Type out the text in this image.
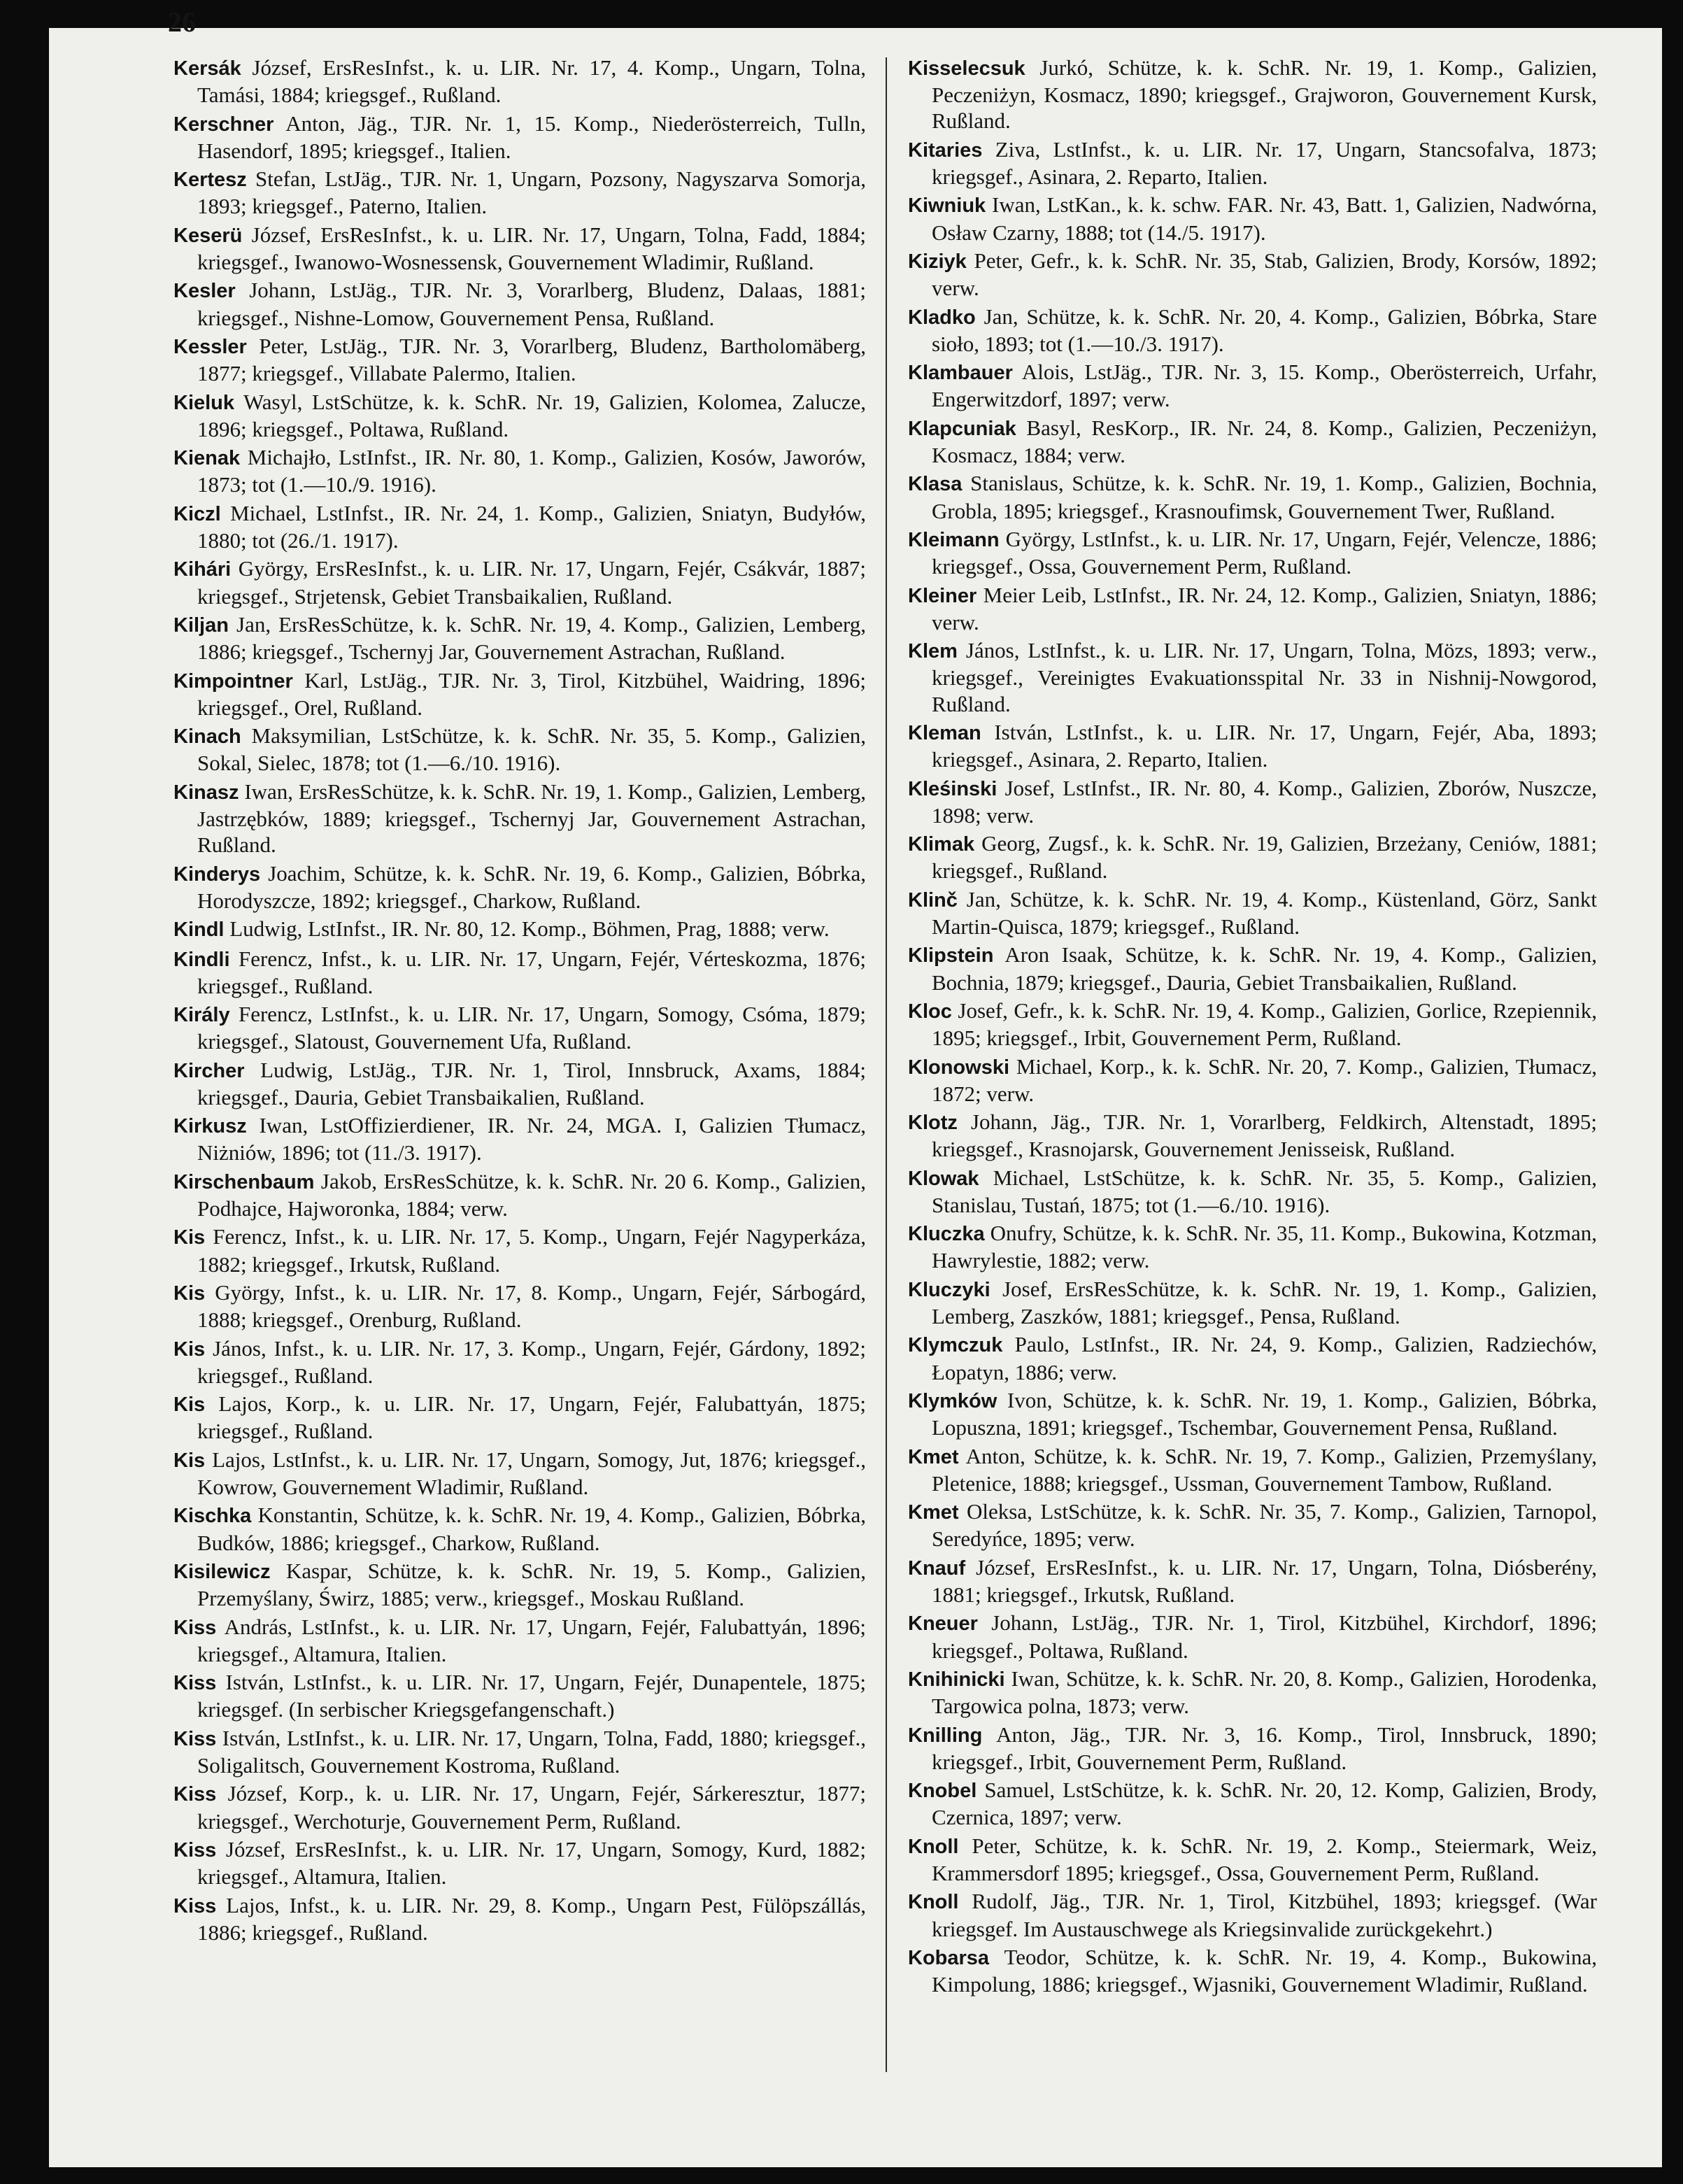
26

Kersák József, ErsResInfst., k. u. LIR. Nr. 17, 4. Komp., Ungarn, Tolna, Tamási, 1884; kriegsgef., Rußland.

Kerschner Anton, Jäg., TJR. Nr. 1, 15. Komp., Niederösterreich, Tulln, Hasendorf, 1895; kriegsgef., Italien.

Kertesz Stefan, LstJäg., TJR. Nr. 1, Ungarn, Pozsony, Nagyszarva Somorja, 1893; kriegsgef., Paterno, Italien.

Keserü József, ErsResInfst., k. u. LIR. Nr. 17, Ungarn, Tolna, Fadd, 1884; kriegsgef., Iwanowo-Wosnessensk, Gouvernement Wladimir, Rußland.

Kesler Johann, LstJäg., TJR. Nr. 3, Vorarlberg, Bludenz, Dalaas, 1881; kriegsgef., Nishne-Lomow, Gouvernement Pensa, Rußland.

Kessler Peter, LstJäg., TJR. Nr. 3, Vorarlberg, Bludenz, Bartholomäberg, 1877; kriegsgef., Villabate Palermo, Italien.

Kieluk Wasyl, LstSchütze, k. k. SchR. Nr. 19, Galizien, Kolomea, Zalucze, 1896; kriegsgef., Poltawa, Rußland.

Kienak Michajło, LstInfst., IR. Nr. 80, 1. Komp., Galizien, Kosów, Jaworów, 1873; tot (1.—10./9. 1916).

Kiczl Michael, LstInfst., IR. Nr. 24, 1. Komp., Galizien, Sniatyn, Budyłów, 1880; tot (26./1. 1917).

Kihári György, ErsResInfst., k. u. LIR. Nr. 17, Ungarn, Fejér, Csákvár, 1887; kriegsgef., Strjetensk, Gebiet Transbaikalien, Rußland.

Kiljan Jan, ErsResSchütze, k. k. SchR. Nr. 19, 4. Komp., Galizien, Lemberg, 1886; kriegsgef., Tschernyj Jar, Gouvernement Astrachan, Rußland.

Kimpointner Karl, LstJäg., TJR. Nr. 3, Tirol, Kitzbühel, Waidring, 1896; kriegsgef., Orel, Rußland.

Kinach Maksymilian, LstSchütze, k. k. SchR. Nr. 35, 5. Komp., Galizien, Sokal, Sielec, 1878; tot (1.—6./10. 1916).

Kinasz Iwan, ErsResSchütze, k. k. SchR. Nr. 19, 1. Komp., Galizien, Lemberg, Jastrzębków, 1889; kriegsgef., Tschernyj Jar, Gouvernement Astrachan, Rußland.

Kinderys Joachim, Schütze, k. k. SchR. Nr. 19, 6. Komp., Galizien, Bóbrka, Horodyszcze, 1892; kriegsgef., Charkow, Rußland.

Kindl Ludwig, LstInfst., IR. Nr. 80, 12. Komp., Böhmen, Prag, 1888; verw.

Kindli Ferencz, Infst., k. u. LIR. Nr. 17, Ungarn, Fejér, Vérteskozma, 1876; kriegsgef., Rußland.

Király Ferencz, LstInfst., k. u. LIR. Nr. 17, Ungarn, Somogy, Csóma, 1879; kriegsgef., Slatoust, Gouvernement Ufa, Rußland.

Kircher Ludwig, LstJäg., TJR. Nr. 1, Tirol, Innsbruck, Axams, 1884; kriegsgef., Dauria, Gebiet Transbaikalien, Rußland.

Kirkusz Iwan, LstOffizierdiener, IR. Nr. 24, MGA. I, Galizien Tłumacz, Niżniów, 1896; tot (11./3. 1917).

Kirschenbaum Jakob, ErsResSchütze, k. k. SchR. Nr. 20 6. Komp., Galizien, Podhajce, Hajworonka, 1884; verw.

Kis Ferencz, Infst., k. u. LIR. Nr. 17, 5. Komp., Ungarn, Fejér Nagyperkáza, 1882; kriegsgef., Irkutsk, Rußland.

Kis György, Infst., k. u. LIR. Nr. 17, 8. Komp., Ungarn, Fejér, Sárbogárd, 1888; kriegsgef., Orenburg, Rußland.

Kis János, Infst., k. u. LIR. Nr. 17, 3. Komp., Ungarn, Fejér, Gárdony, 1892; kriegsgef., Rußland.

Kis Lajos, Korp., k. u. LIR. Nr. 17, Ungarn, Fejér, Falubattyán, 1875; kriegsgef., Rußland.

Kis Lajos, LstInfst., k. u. LIR. Nr. 17, Ungarn, Somogy, Jut, 1876; kriegsgef., Kowrow, Gouvernement Wladimir, Rußland.

Kischka Konstantin, Schütze, k. k. SchR. Nr. 19, 4. Komp., Galizien, Bóbrka, Budków, 1886; kriegsgef., Charkow, Rußland.

Kisilewicz Kaspar, Schütze, k. k. SchR. Nr. 19, 5. Komp., Galizien, Przemyślany, Świrz, 1885; verw., kriegsgef., Moskau Rußland.

Kiss András, LstInfst., k. u. LIR. Nr. 17, Ungarn, Fejér, Falubattyán, 1896; kriegsgef., Altamura, Italien.

Kiss István, LstInfst., k. u. LIR. Nr. 17, Ungarn, Fejér, Dunapentele, 1875; kriegsgef. (In serbischer Kriegsgefangenschaft.)

Kiss István, LstInfst., k. u. LIR. Nr. 17, Ungarn, Tolna, Fadd, 1880; kriegsgef., Soligalitsch, Gouvernement Kostroma, Rußland.

Kiss József, Korp., k. u. LIR. Nr. 17, Ungarn, Fejér, Sárkeresztur, 1877; kriegsgef., Werchoturje, Gouvernement Perm, Rußland.

Kiss József, ErsResInfst., k. u. LIR. Nr. 17, Ungarn, Somogy, Kurd, 1882; kriegsgef., Altamura, Italien.

Kiss Lajos, Infst., k. u. LIR. Nr. 29, 8. Komp., Ungarn Pest, Fülöpszállás, 1886; kriegsgef., Rußland.

Kisselecsuk Jurkó, Schütze, k. k. SchR. Nr. 19, 1. Komp., Galizien, Peczeniżyn, Kosmacz, 1890; kriegsgef., Grajworon, Gouvernement Kursk, Rußland.

Kitaries Ziva, LstInfst., k. u. LIR. Nr. 17, Ungarn, Stancsofalva, 1873; kriegsgef., Asinara, 2. Reparto, Italien.

Kiwniuk Iwan, LstKan., k. k. schw. FAR. Nr. 43, Batt. 1, Galizien, Nadwórna, Osław Czarny, 1888; tot (14./5. 1917).

Kiziyk Peter, Gefr., k. k. SchR. Nr. 35, Stab, Galizien, Brody, Korsów, 1892; verw.

Kladko Jan, Schütze, k. k. SchR. Nr. 20, 4. Komp., Galizien, Bóbrka, Stare sioło, 1893; tot (1.—10./3. 1917).

Klambauer Alois, LstJäg., TJR. Nr. 3, 15. Komp., Oberösterreich, Urfahr, Engerwitzdorf, 1897; verw.

Klapcuniak Basyl, ResKorp., IR. Nr. 24, 8. Komp., Galizien, Peczeniżyn, Kosmacz, 1884; verw.

Klasa Stanislaus, Schütze, k. k. SchR. Nr. 19, 1. Komp., Galizien, Bochnia, Grobla, 1895; kriegsgef., Krasnoufimsk, Gouvernement Twer, Rußland.

Kleimann György, LstInfst., k. u. LIR. Nr. 17, Ungarn, Fejér, Velencze, 1886; kriegsgef., Ossa, Gouvernement Perm, Rußland.

Kleiner Meier Leib, LstInfst., IR. Nr. 24, 12. Komp., Galizien, Sniatyn, 1886; verw.

Klem János, LstInfst., k. u. LIR. Nr. 17, Ungarn, Tolna, Mözs, 1893; verw., kriegsgef., Vereinigtes Evakuationsspital Nr. 33 in Nishnij-Nowgorod, Rußland.

Kleman István, LstInfst., k. u. LIR. Nr. 17, Ungarn, Fejér, Aba, 1893; kriegsgef., Asinara, 2. Reparto, Italien.

Kleśinski Josef, LstInfst., IR. Nr. 80, 4. Komp., Galizien, Zborów, Nuszcze, 1898; verw.

Klimak Georg, Zugsf., k. k. SchR. Nr. 19, Galizien, Brzeżany, Ceniów, 1881; kriegsgef., Rußland.

Klinč Jan, Schütze, k. k. SchR. Nr. 19, 4. Komp., Küstenland, Görz, Sankt Martin-Quisca, 1879; kriegsgef., Rußland.

Klipstein Aron Isaak, Schütze, k. k. SchR. Nr. 19, 4. Komp., Galizien, Bochnia, 1879; kriegsgef., Dauria, Gebiet Transbaikalien, Rußland.

Kloc Josef, Gefr., k. k. SchR. Nr. 19, 4. Komp., Galizien, Gorlice, Rzepiennik, 1895; kriegsgef., Irbit, Gouvernement Perm, Rußland.

Klonowski Michael, Korp., k. k. SchR. Nr. 20, 7. Komp., Galizien, Tłumacz, 1872; verw.

Klotz Johann, Jäg., TJR. Nr. 1, Vorarlberg, Feldkirch, Altenstadt, 1895; kriegsgef., Krasnojarsk, Gouvernement Jenisseisk, Rußland.

Klowak Michael, LstSchütze, k. k. SchR. Nr. 35, 5. Komp., Galizien, Stanislau, Tustań, 1875; tot (1.—6./10. 1916).

Kluczka Onufry, Schütze, k. k. SchR. Nr. 35, 11. Komp., Bukowina, Kotzman, Hawrylestie, 1882; verw.

Kluczyki Josef, ErsResSchütze, k. k. SchR. Nr. 19, 1. Komp., Galizien, Lemberg, Zaszków, 1881; kriegsgef., Pensa, Rußland.

Klymczuk Paulo, LstInfst., IR. Nr. 24, 9. Komp., Galizien, Radziechów, Łopatyn, 1886; verw.

Klymków Ivon, Schütze, k. k. SchR. Nr. 19, 1. Komp., Galizien, Bóbrka, Lopuszna, 1891; kriegsgef., Tschembar, Gouvernement Pensa, Rußland.

Kmet Anton, Schütze, k. k. SchR. Nr. 19, 7. Komp., Galizien, Przemyślany, Pletenice, 1888; kriegsgef., Ussman, Gouvernement Tambow, Rußland.

Kmet Oleksa, LstSchütze, k. k. SchR. Nr. 35, 7. Komp., Galizien, Tarnopol, Seredyńce, 1895; verw.

Knauf József, ErsResInfst., k. u. LIR. Nr. 17, Ungarn, Tolna, Diósberény, 1881; kriegsgef., Irkutsk, Rußland.

Kneuer Johann, LstJäg., TJR. Nr. 1, Tirol, Kitzbühel, Kirchdorf, 1896; kriegsgef., Poltawa, Rußland.

Knihinicki Iwan, Schütze, k. k. SchR. Nr. 20, 8. Komp., Galizien, Horodenka, Targowica polna, 1873; verw.

Knilling Anton, Jäg., TJR. Nr. 3, 16. Komp., Tirol, Innsbruck, 1890; kriegsgef., Irbit, Gouvernement Perm, Rußland.

Knobel Samuel, LstSchütze, k. k. SchR. Nr. 20, 12. Komp, Galizien, Brody, Czernica, 1897; verw.

Knoll Peter, Schütze, k. k. SchR. Nr. 19, 2. Komp., Steiermark, Weiz, Krammersdorf 1895; kriegsgef., Ossa, Gouvernement Perm, Rußland.

Knoll Rudolf, Jäg., TJR. Nr. 1, Tirol, Kitzbühel, 1893; kriegsgef. (War kriegsgef. Im Austauschwege als Kriegsinvalide zurückgekehrt.)

Kobarsa Teodor, Schütze, k. k. SchR. Nr. 19, 4. Komp., Bukowina, Kimpolung, 1886; kriegsgef., Wjasniki, Gouvernement Wladimir, Rußland.
